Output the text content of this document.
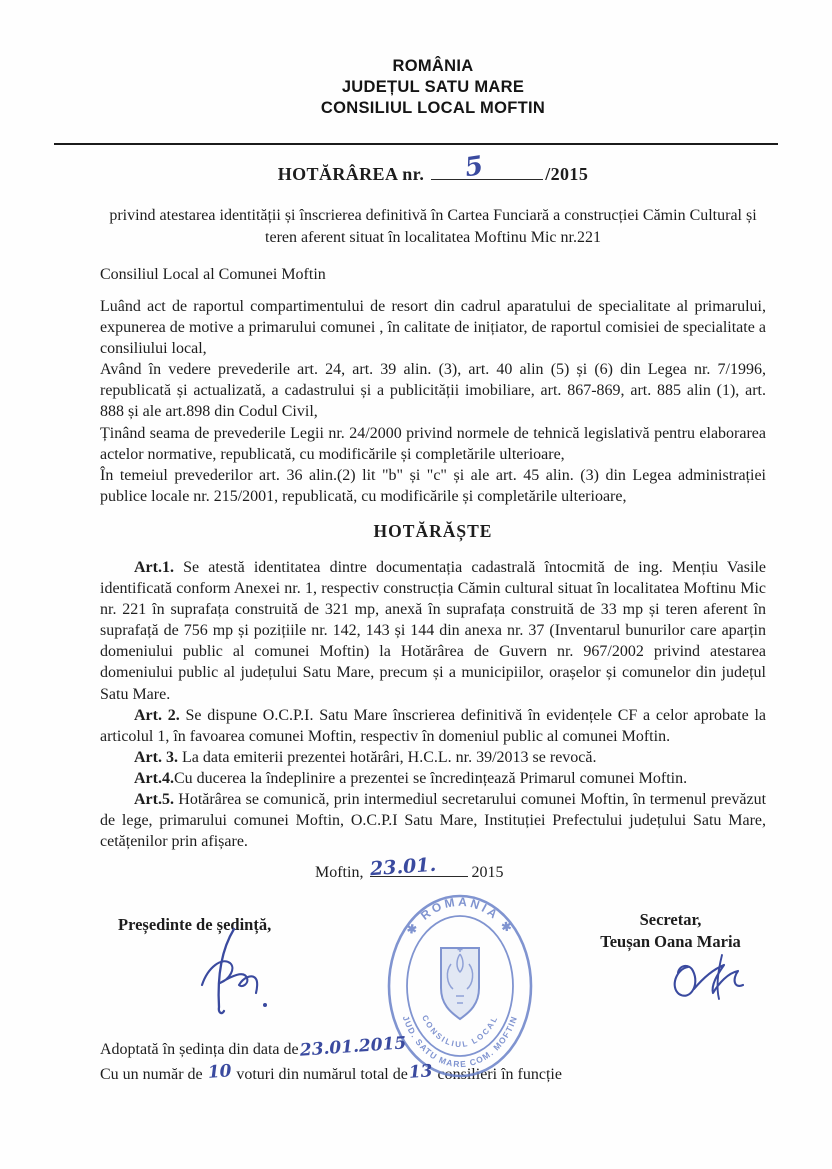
ROMÂNIA
JUDEȚUL SATU MARE
CONSILIUL LOCAL MOFTIN
HOTĂRÂREA nr. 5	/2015

privind atestarea identității și înscrierea definitivă în Cartea Funciară a construcției Cămin Cultural și teren aferent situat în localitatea Moftinu Mic nr.221

Consiliul Local al Comunei Moftin

Luând act de raportul compartimentului de resort din cadrul aparatului de specialitate al primarului, expunerea de motive a primarului comunei , în calitate de inițiator, de raportul comisiei de specialitate a consiliului local,

Având în vedere prevederile art. 24, art. 39 alin. (3), art. 40 alin (5) și (6) din Legea nr. 7/1996, republicată și actualizată, a cadastrului și a publicității imobiliare, art. 867-869, art. 885 alin (1), art. 888 și ale art.898 din Codul Civil,

Ținând seama de prevederile Legii nr. 24/2000 privind normele de tehnică legislativă pentru elaborarea actelor normative, republicată, cu modificările și completările ulterioare,

În temeiul prevederilor art. 36 alin.(2) lit "b" și "c" și ale art. 45 alin. (3) din Legea administrației publice locale nr. 215/2001, republicată, cu modificările și completările ulterioare,

HOTĂRĂȘTE

Art.1. Se atestă identitatea dintre documentația cadastrală întocmită de ing. Mențiu Vasile identificată conform Anexei nr. 1, respectiv construcția Cămin cultural situat în localitatea Moftinu Mic nr. 221 în suprafața construită de 321 mp, anexă în suprafața construită de 33 mp și teren aferent în suprafață de 756 mp și pozițiile nr. 142, 143 și 144 din anexa nr. 37 (Inventarul bunurilor care aparțin domeniului public al comunei Moftin) la Hotărârea de Guvern nr. 967/2002 privind atestarea domeniului public al județului Satu Mare, precum și a municipiilor, orașelor și comunelor din județul Satu Mare.

Art. 2. Se dispune O.C.P.I. Satu Mare înscrierea definitivă în evidențele CF a celor aprobate la articolul 1, în favoarea comunei Moftin, respectiv în domeniul public al comunei Moftin.

Art. 3. La data emiterii prezentei hotărâri, H.C.L. nr. 39/2013 se revocă.

Art.4.Cu ducerea la îndeplinire a prezentei se încredințează Primarul comunei Moftin.

Art.5. Hotărârea se comunică, prin intermediul secretarului comunei Moftin, în termenul prevăzut de lege, primarului comunei Moftin, O.C.P.I Satu Mare, Instituției Prefectului județului Satu Mare, cetățenilor prin afișare.

Moftin, 23.01. 2015
Președinte de ședință,	✱ ROMÂNIA ✱
JUD. SATU MARE COM. MOFTIN
CONSILIUL LOCAL
Secretar,
Teușan Oana Maria

Adoptată în ședința din data de23.01.2015

Cu un număr de 10 voturi din numărul total de13 consilieri în funcție
